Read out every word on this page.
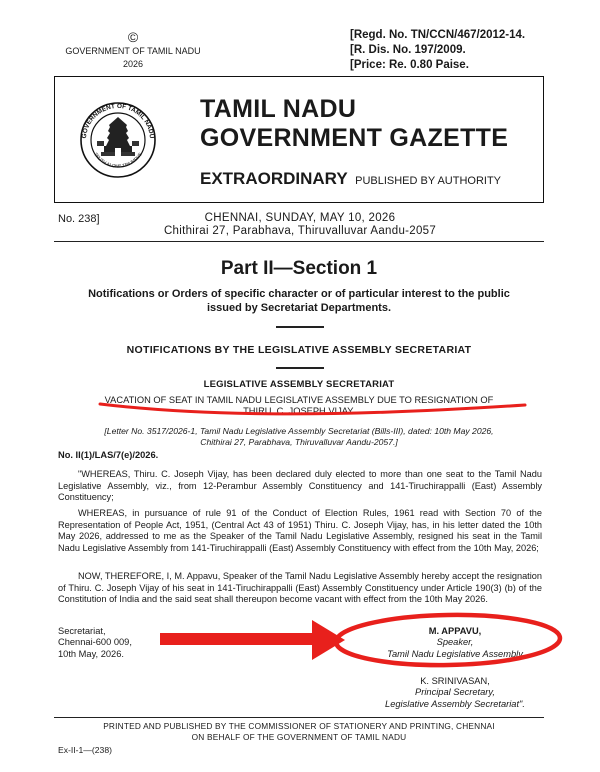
©
GOVERNMENT OF TAMIL NADU
2026
[Regd. No. TN/CCN/467/2012-14.
[R. Dis. No. 197/2009.
[Price: Re. 0.80 Paise.
GOVERNMENT OF TAMIL NADU
TRUTH ALONE TRIUMPHS
TAMIL NADU
GOVERNMENT GAZETTE
EXTRAORDINARY PUBLISHED BY AUTHORITY
No. 238]	CHENNAI, SUNDAY, MAY 10, 2026
Chithirai 27, Parabhava, Thiruvalluvar Aandu-2057
Part II—Section 1
Notifications or Orders of specific character or of particular interest to the public
issued by Secretariat Departments.
NOTIFICATIONS BY THE LEGISLATIVE ASSEMBLY SECRETARIAT
LEGISLATIVE ASSEMBLY SECRETARIAT
VACATION OF SEAT IN TAMIL NADU LEGISLATIVE ASSEMBLY DUE TO RESIGNATION OF
THIRU. C. JOSEPH VIJAY.
[Letter No. 3517/2026-1, Tamil Nadu Legislative Assembly Secretariat (Bills-III), dated: 10th May 2026,
Chithirai 27, Parabhava, Thiruvalluvar Aandu-2057.]
No. II(1)/LAS/7(e)/2026.
"WHEREAS, Thiru. C. Joseph Vijay, has been declared duly elected to more than one seat to the Tamil Nadu Legislative Assembly, viz., from 12-Perambur Assembly Constituency and 141-Tiruchirappalli (East) Assembly Constituency;
WHEREAS, in pursuance of rule 91 of the Conduct of Election Rules, 1961 read with Section 70 of the Representation of People Act, 1951, (Central Act 43 of 1951) Thiru. C. Joseph Vijay, has, in his letter dated the 10th May 2026, addressed to me as the Speaker of the Tamil Nadu Legislative Assembly, resigned his seat in the Tamil Nadu Legislative Assembly from 141-Tiruchirappalli (East) Assembly Constituency with effect from the 10th May, 2026;
NOW, THEREFORE, I, M. Appavu, Speaker of the Tamil Nadu Legislative Assembly hereby accept the resignation of Thiru. C. Joseph Vijay of his seat in 141-Tiruchirappalli (East) Assembly Constituency under Article 190(3) (b) of the Constitution of India and the said seat shall thereupon become vacant with effect from the 10th May 2026.
Secretariat,
Chennai-600 009,
10th May, 2026.
M. APPAVU,
Speaker,
Tamil Nadu Legislative Assembly
K. SRINIVASAN,
Principal Secretary,
Legislative Assembly Secretariat".
PRINTED AND PUBLISHED BY THE COMMISSIONER OF STATIONERY AND PRINTING, CHENNAI
ON BEHALF OF THE GOVERNMENT OF TAMIL NADU
Ex-II-1—(238)
